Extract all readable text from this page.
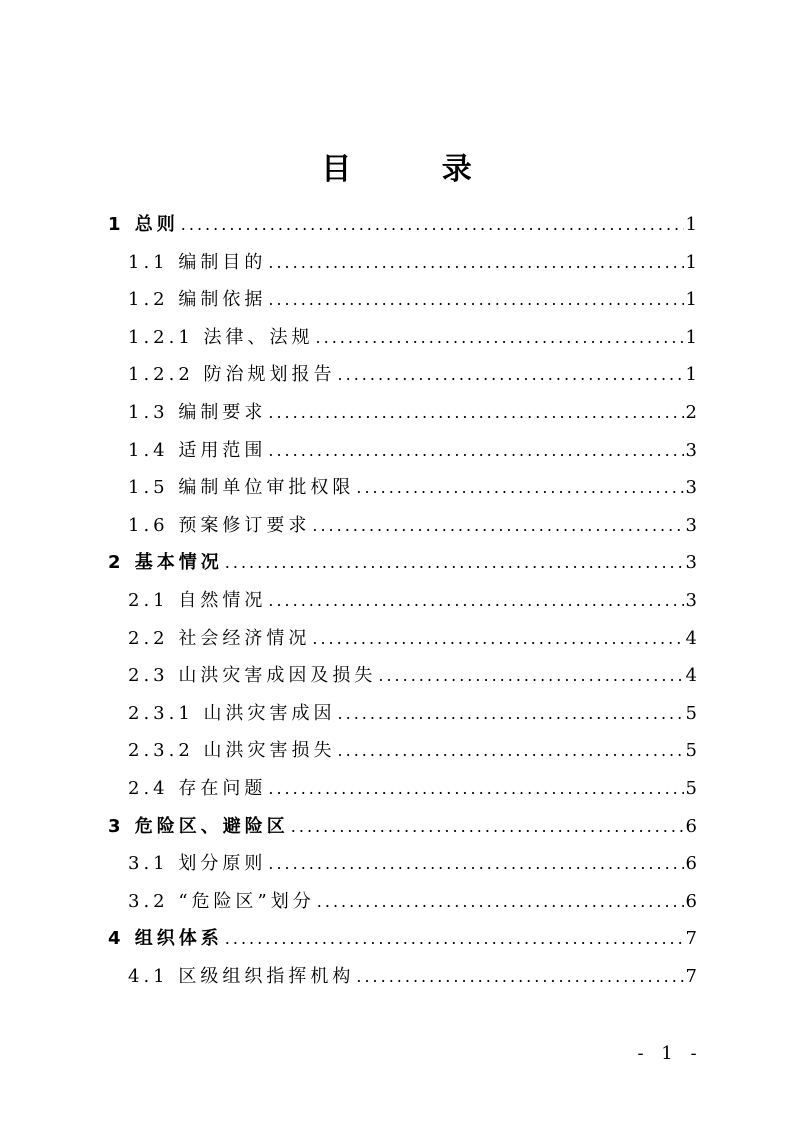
目 录
1 总则 .....	1
1.1 编制目的 .....	1
1.2 编制依据 .....	1
1.2.1 法律、法规 .....	1
1.2.2 防治规划报告 .....	1
1.3 编制要求 .....	2
1.4 适用范围 .....	3
1.5 编制单位审批权限 .....	3
1.6 预案修订要求 .....	3
2 基本情况 .....	3
2.1 自然情况 .....	3
2.2 社会经济情况 .....	4
2.3 山洪灾害成因及损失 .....	4
2.3.1 山洪灾害成因 .....	5
2.3.2 山洪灾害损失 .....	5
2.4 存在问题 .....	5
3 危险区、避险区 .....	6
3.1 划分原则 .....	6
3.2 “危险区”划分 .....	6
4 组织体系 .....	7
4.1 区级组织指挥机构 .....	7
- 1 -
